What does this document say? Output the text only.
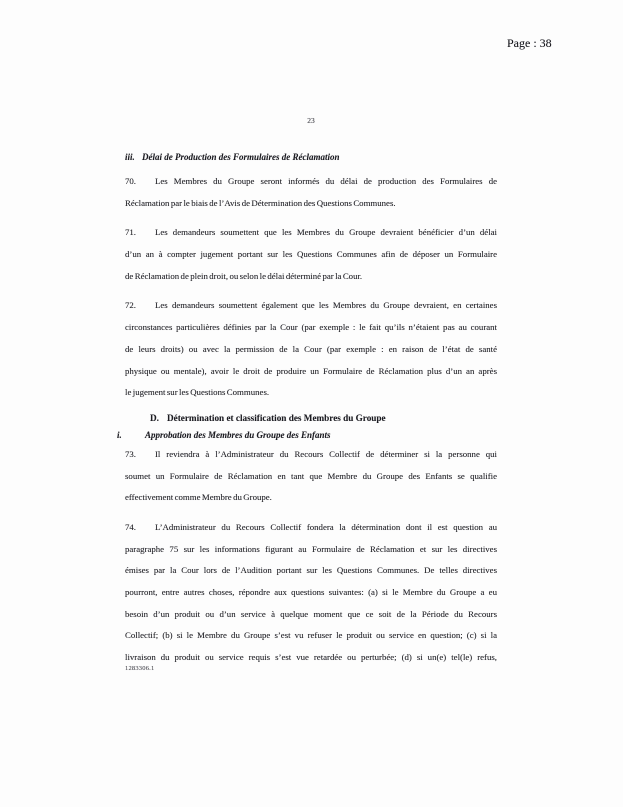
Page : 38
23
iii. Délai de Production des Formulaires de Réclamation
70.	Les Membres du Groupe seront informés du délai de production des Formulaires de
Réclamation par le biais de l’Avis de Détermination des Questions Communes.
71.	Les demandeurs soumettent que les Membres du Groupe devraient bénéficier d’un délai
d’un an à compter jugement portant sur les Questions Communes afin de déposer un Formulaire
de Réclamation de plein droit, ou selon le délai déterminé par la Cour.
72.	Les demandeurs soumettent également que les Membres du Groupe devraient, en certaines
circonstances particulières définies par la Cour (par exemple : le fait qu’ils n’étaient pas au courant
de leurs droits) ou avec la permission de la Cour (par exemple : en raison de l’état de santé
physique ou mentale), avoir le droit de produire un Formulaire de Réclamation plus d’un an après
le jugement sur les Questions Communes.
D. Détermination et classification des Membres du Groupe
i.	Approbation des Membres du Groupe des Enfants
73.	Il reviendra à l’Administrateur du Recours Collectif de déterminer si la personne qui
soumet un Formulaire de Réclamation en tant que Membre du Groupe des Enfants se qualifie
effectivement comme Membre du Groupe.
74.	L’Administrateur du Recours Collectif fondera la détermination dont il est question au
paragraphe 75 sur les informations figurant au Formulaire de Réclamation et sur les directives
émises par la Cour lors de l’Audition portant sur les Questions Communes. De telles directives
pourront, entre autres choses, répondre aux questions suivantes: (a) si le Membre du Groupe a eu
besoin d’un produit ou d’un service à quelque moment que ce soit de la Période du Recours
Collectif; (b) si le Membre du Groupe s’est vu refuser le produit ou service en question; (c) si la
livraison du produit ou service requis s’est vue retardée ou perturbée; (d) si un(e) tel(le) refus,
1283306.1
